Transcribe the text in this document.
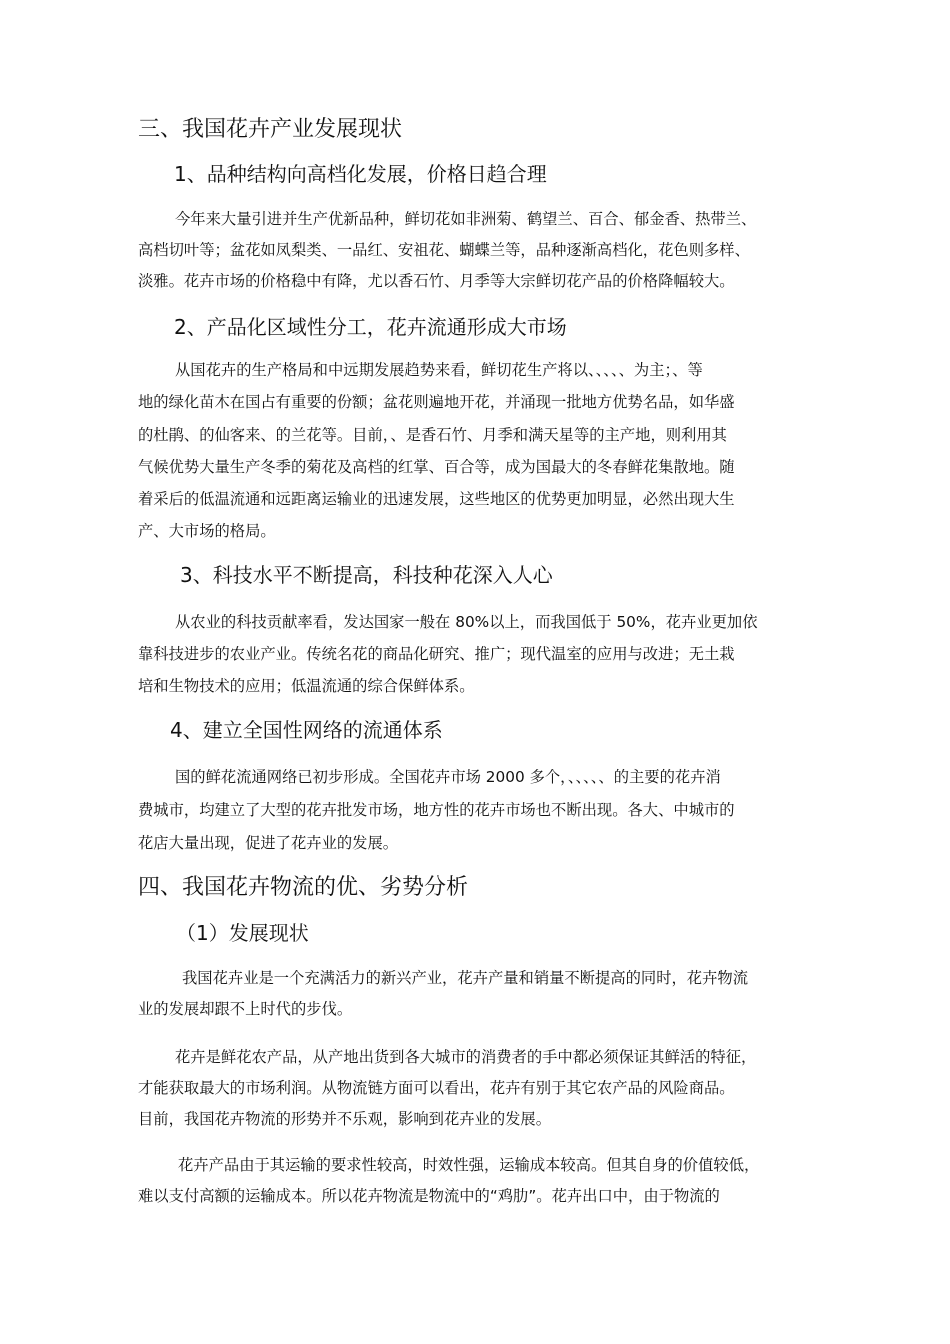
三、我国花卉产业发展现状
1、品种结构向高档化发展，价格日趋合理
今年来大量引进并生产优新品种，鲜切花如非洲菊、鹤望兰、百合、郁金香、热带兰、
高档切叶等；盆花如凤梨类、一品红、安祖花、蝴蝶兰等，品种逐渐高档化，花色则多样、
淡雅。花卉市场的价格稳中有降，尤以香石竹、月季等大宗鲜切花产品的价格降幅较大。
2、产品化区域性分工，花卉流通形成大市场
从国花卉的生产格局和中远期发展趋势来看，鲜切花生产将以、、、、、为主；、等
地的绿化苗木在国占有重要的份额；盆花则遍地开花，并涌现一批地方优势名品，如华盛
的杜鹃、的仙客来、的兰花等。目前，、是香石竹、月季和满天星等的主产地，则利用其
气候优势大量生产冬季的菊花及高档的红掌、百合等，成为国最大的冬春鲜花集散地。随
着采后的低温流通和远距离运输业的迅速发展，这些地区的优势更加明显，必然出现大生
产、大市场的格局。
3、科技水平不断提高，科技种花深入人心
从农业的科技贡献率看，发达国家一般在 80%以上，而我国低于 50%，花卉业更加依
靠科技进步的农业产业。传统名花的商品化研究、推广；现代温室的应用与改进；无土栽
培和生物技术的应用；低温流通的综合保鲜体系。
4、建立全国性网络的流通体系
国的鲜花流通网络已初步形成。全国花卉市场 2000 多个，、、、、、的主要的花卉消
费城市，均建立了大型的花卉批发市场，地方性的花卉市场也不断出现。各大、中城市的
花店大量出现，促进了花卉业的发展。
四、我国花卉物流的优、劣势分析
（1）发展现状
我国花卉业是一个充满活力的新兴产业，花卉产量和销量不断提高的同时，花卉物流
业的发展却跟不上时代的步伐。
花卉是鲜花农产品，从产地出货到各大城市的消费者的手中都必须保证其鲜活的特征，
才能获取最大的市场利润。从物流链方面可以看出，花卉有别于其它农产品的风险商品。
目前，我国花卉物流的形势并不乐观，影响到花卉业的发展。
花卉产品由于其运输的要求性较高，时效性强，运输成本较高。但其自身的价值较低，
难以支付高额的运输成本。所以花卉物流是物流中的“鸡肋”。花卉出口中，由于物流的
